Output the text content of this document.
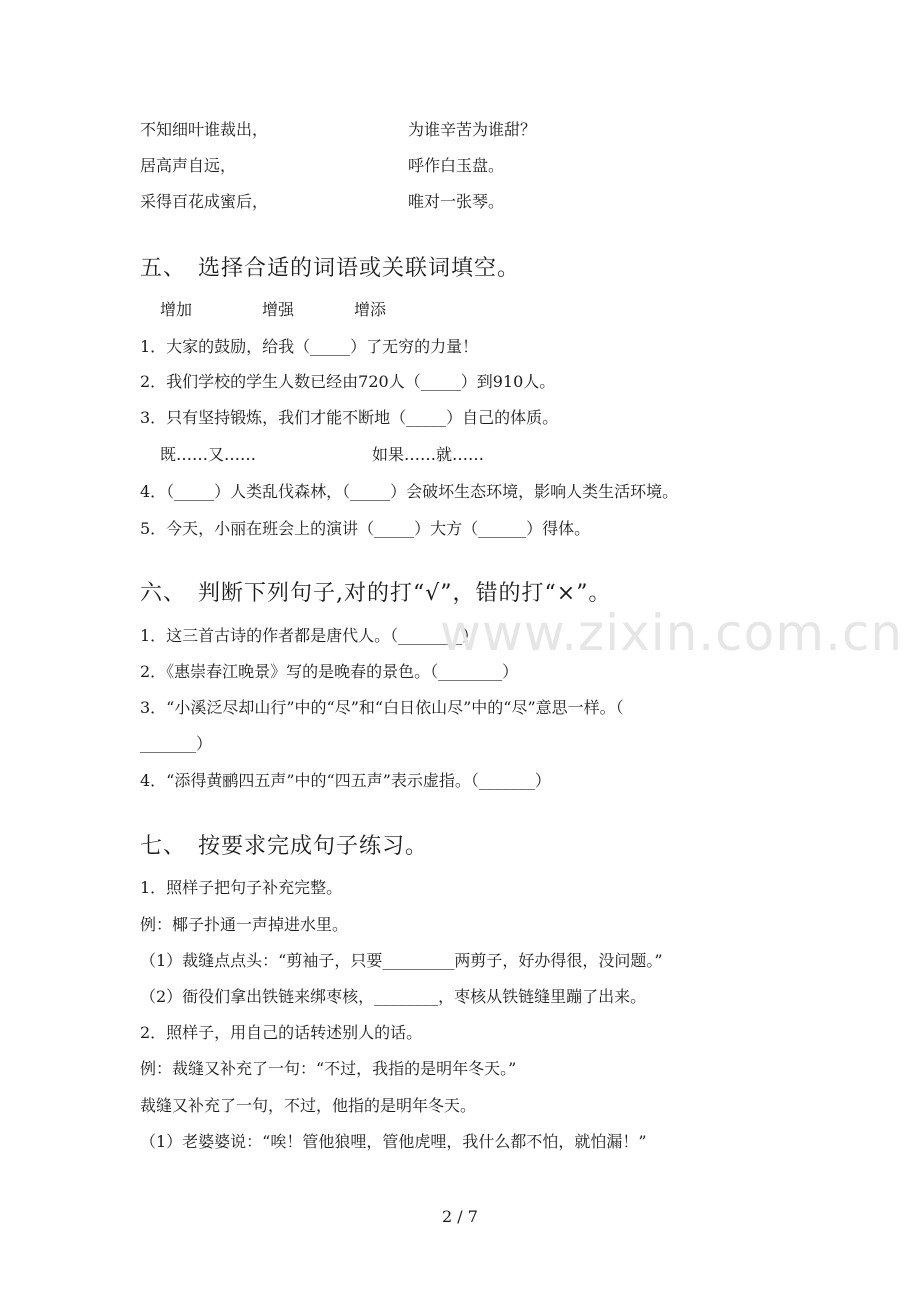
不知细叶谁裁出，	为谁辛苦为谁甜？
居高声自远，	呼作白玉盘。
采得百花成蜜后，	唯对一张琴。
五、　选择合适的词语或关联词填空。
增加	增强	增添
1．大家的鼓励，给我（_____）了无穷的力量！
2．我们学校的学生人数已经由720人（_____）到910人。
3．只有坚持锻炼，我们才能不断地（_____）自己的体质。
既……又……	如果……就……
4．（_____）人类乱伐森林，（_____）会破坏生态环境，影响人类生活环境。
5．今天，小丽在班会上的演讲（_____）大方（______）得体。
六、　判断下列句子,对的打“√”，错的打“×”。
1．这三首古诗的作者都是唐代人。（________）
2．《惠崇春江晚景》写的是晚春的景色。（________）
3．“小溪泛尽却山行”中的“尽”和“白日依山尽”中的“尽”意思一样。（
_______）
4．“添得黄鹂四五声”中的“四五声”表示虚指。（_______）
七、　按要求完成句子练习。
1．照样子把句子补充完整。
例：椰子扑通一声掉进水里。
（1）裁缝点点头：“剪袖子，只要_________两剪子，好办得很，没问题。”
（2）衙役们拿出铁链来绑枣核，________，枣核从铁链缝里蹦了出来。
2．照样子，用自己的话转述别人的话。
例：裁缝又补充了一句：“不过，我指的是明年冬天。”
裁缝又补充了一句，不过，他指的是明年冬天。
（1）老婆婆说：“唉！管他狼哩，管他虎哩，我什么都不怕，就怕漏！”
www.zixin.com.cn
2 / 7
